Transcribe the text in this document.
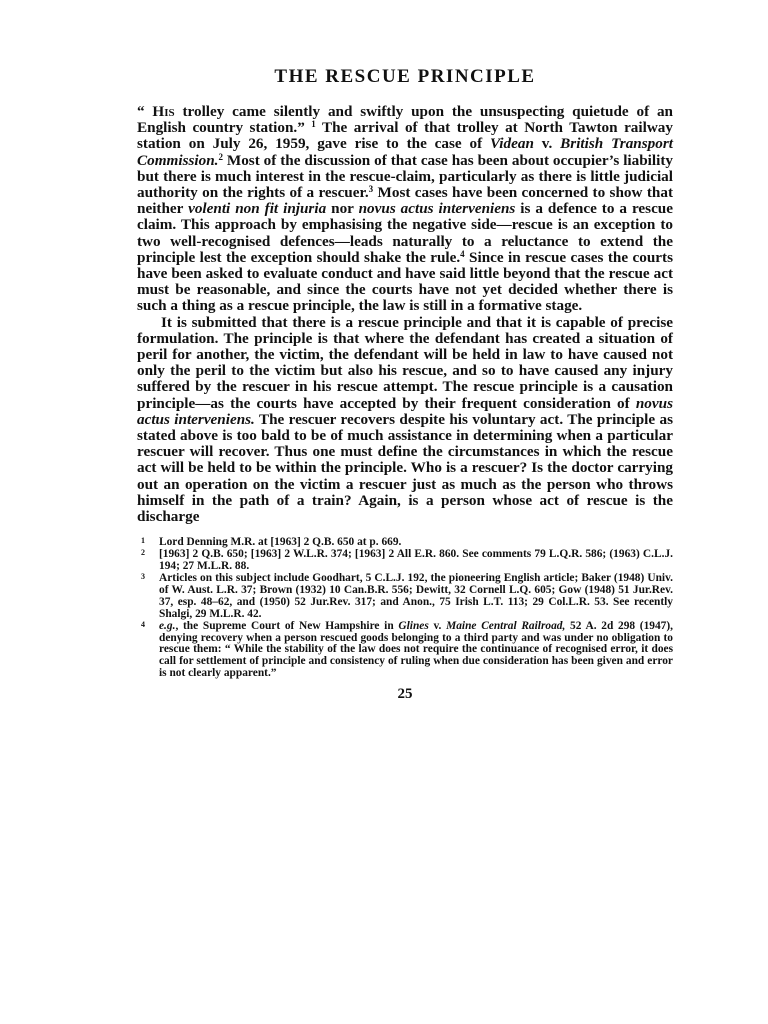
THE RESCUE PRINCIPLE

“ His trolley came silently and swiftly upon the unsuspecting quietude of an English country station.” $^1$ The arrival of that trolley at North Tawton railway station on July 26, 1959, gave rise to the case of Videan v. British Transport Commission.$^2$ Most of the discussion of that case has been about occupier’s liability but there is much interest in the rescue-claim, particularly as there is little judicial authority on the rights of a rescuer.$^3$ Most cases have been concerned to show that neither volenti non fit injuria nor novus actus interveniens is a defence to a rescue claim. This approach by emphasising the negative side—rescue is an exception to two well-recognised defences—leads naturally to a reluctance to extend the principle lest the exception should shake the rule.$^4$ Since in rescue cases the courts have been asked to evaluate conduct and have said little beyond that the rescue act must be reasonable, and since the courts have not yet decided whether there is such a thing as a rescue principle, the law is still in a formative stage.

It is submitted that there is a rescue principle and that it is capable of precise formulation. The principle is that where the defendant has created a situation of peril for another, the victim, the defendant will be held in law to have caused not only the peril to the victim but also his rescue, and so to have caused any injury suffered by the rescuer in his rescue attempt. The rescue principle is a causation principle—as the courts have accepted by their frequent consideration of novus actus interveniens. The rescuer recovers despite his voluntary act. The principle as stated above is too bald to be of much assistance in determining when a particular rescuer will recover. Thus one must define the circumstances in which the rescue act will be held to be within the principle. Who is a rescuer? Is the doctor carrying out an operation on the victim a rescuer just as much as the person who throws himself in the path of a train? Again, is a person whose act of rescue is the discharge

1 Lord Denning M.R. at [1963] 2 Q.B. 650 at p. 669.

2 [1963] 2 Q.B. 650; [1963] 2 W.L.R. 374; [1963] 2 All E.R. 860. See comments 79 L.Q.R. 586; (1963) C.L.J. 194; 27 M.L.R. 88.

3 Articles on this subject include Goodhart, 5 C.L.J. 192, the pioneering English article; Baker (1948) Univ. of W. Aust. L.R. 37; Brown (1932) 10 Can.B.R. 556; Dewitt, 32 Cornell L.Q. 605; Gow (1948) 51 Jur.Rev. 37, esp. 48–62, and (1950) 52 Jur.Rev. 317; and Anon., 75 Irish L.T. 113; 29 Col.L.R. 53. See recently Shalgi, 29 M.L.R. 42.

4 e.g., the Supreme Court of New Hampshire in Glines v. Maine Central Railroad, 52 A. 2d 298 (1947), denying recovery when a person rescued goods belonging to a third party and was under no obligation to rescue them: “ While the stability of the law does not require the continuance of recognised error, it does call for settlement of principle and consistency of ruling when due consideration has been given and error is not clearly apparent.”

25
